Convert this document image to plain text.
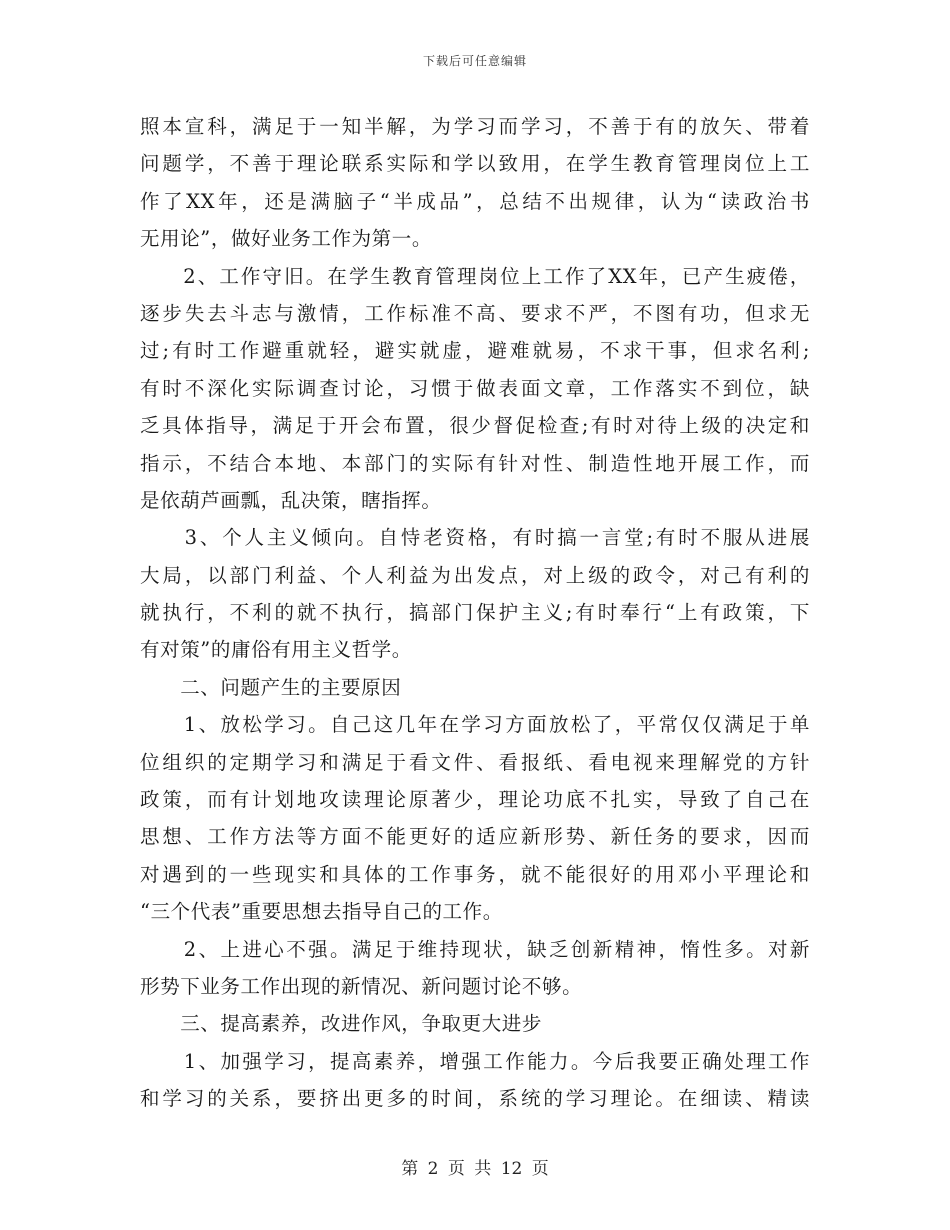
下载后可任意编辑
照本宣科，满足于一知半解，为学习而学习，不善于有的放矢、带着
问题学，不善于理论联系实际和学以致用，在学生教育管理岗位上工
作了XX年，还是满脑子“半成品”，总结不出规律，认为“读政治书
无用论”，做好业务工作为第一。
　　2、工作守旧。在学生教育管理岗位上工作了XX年，已产生疲倦，
逐步失去斗志与激情，工作标准不高、要求不严，不图有功，但求无
过;有时工作避重就轻，避实就虚，避难就易，不求干事，但求名利;
有时不深化实际调查讨论，习惯于做表面文章，工作落实不到位，缺
乏具体指导，满足于开会布置，很少督促检查;有时对待上级的决定和
指示，不结合本地、本部门的实际有针对性、制造性地开展工作，而
是依葫芦画瓢，乱决策，瞎指挥。
　　3、个人主义倾向。自恃老资格，有时搞一言堂;有时不服从进展
大局，以部门利益、个人利益为出发点，对上级的政令，对己有利的
就执行，不利的就不执行，搞部门保护主义;有时奉行“上有政策，下
有对策”的庸俗有用主义哲学。
　　二、问题产生的主要原因
　　1、放松学习。自己这几年在学习方面放松了，平常仅仅满足于单
位组织的定期学习和满足于看文件、看报纸、看电视来理解党的方针
政策，而有计划地攻读理论原著少，理论功底不扎实，导致了自己在
思想、工作方法等方面不能更好的适应新形势、新任务的要求，因而
对遇到的一些现实和具体的工作事务，就不能很好的用邓小平理论和
“三个代表”重要思想去指导自己的工作。
　　2、上进心不强。满足于维持现状，缺乏创新精神，惰性多。对新
形势下业务工作出现的新情况、新问题讨论不够。
　　三、提高素养，改进作风，争取更大进步
　　1、加强学习，提高素养，增强工作能力。今后我要正确处理工作
和学习的关系，要挤出更多的时间，系统的学习理论。在细读、精读
第 2 页 共 12 页
